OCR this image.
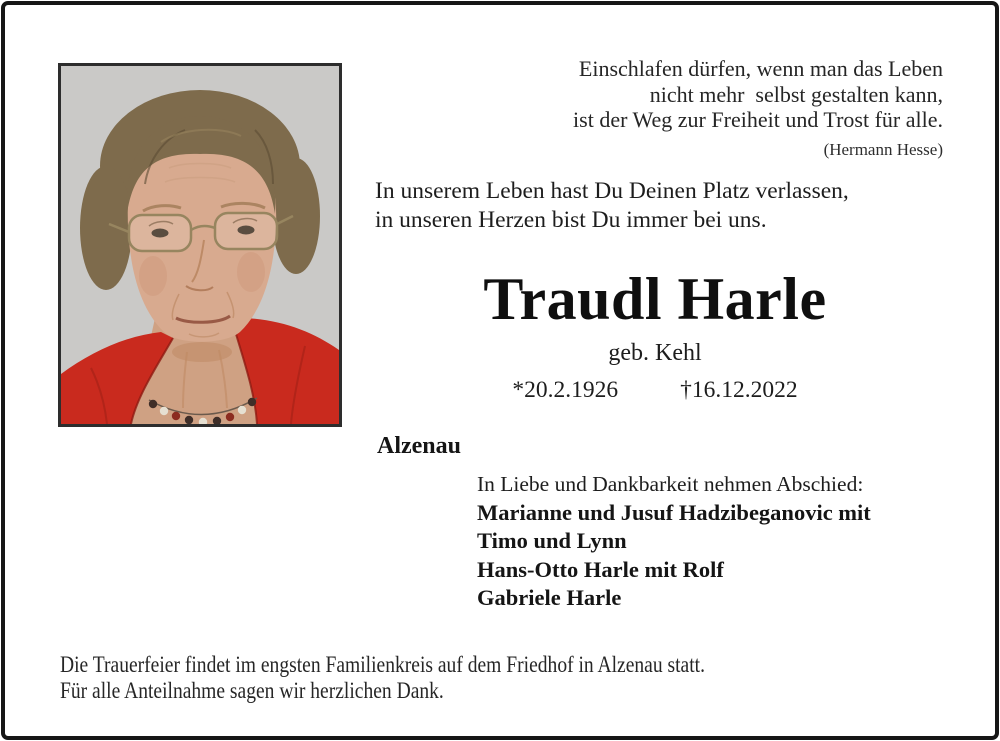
Einschlafen dürfen, wenn man das Leben
nicht mehr  selbst gestalten kann,
ist der Weg zur Freiheit und Trost für alle.
(Hermann Hesse)
In unserem Leben hast Du Deinen Platz verlassen,
in unseren Herzen bist Du immer bei uns.
Traudl Harle
geb. Kehl
*20.2.1926	†16.12.2022
Alzenau
In Liebe und Dankbarkeit nehmen Abschied:
Marianne und Jusuf Hadzibeganovic mit
Timo und Lynn
Hans-Otto Harle mit Rolf
Gabriele Harle
Die Trauerfeier findet im engsten Familienkreis auf dem Friedhof in Alzenau statt.
Für alle Anteilnahme sagen wir herzlichen Dank.
